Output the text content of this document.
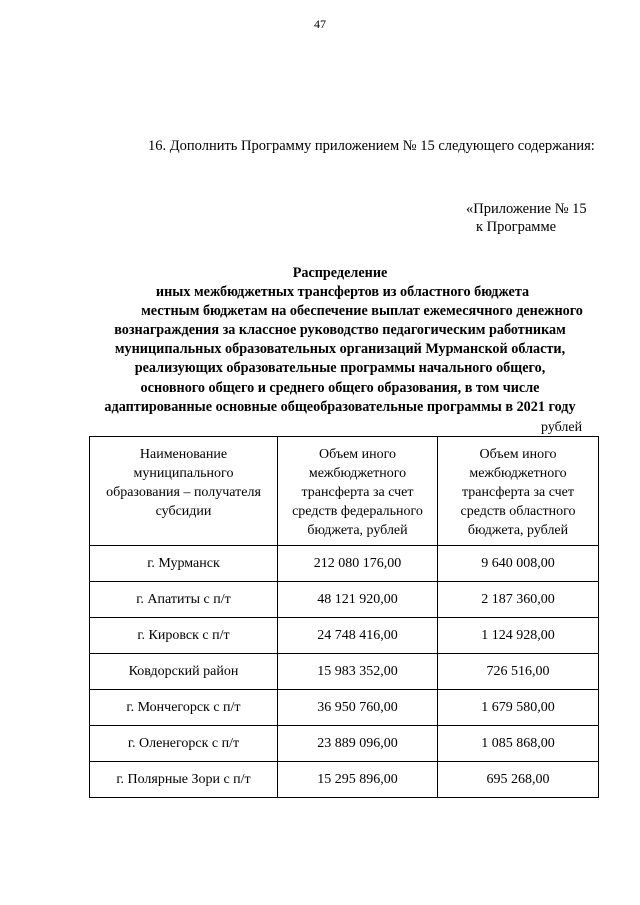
47
16. Дополнить Программу приложением № 15 следующего содержания:
«Приложение № 15
к Программе
Распределение
иных межбюджетных трансфертов из областного бюджета
местным бюджетам на обеспечение выплат ежемесячного денежного
вознаграждения за классное руководство педагогическим работникам
муниципальных образовательных организаций Мурманской области,
реализующих образовательные программы начального общего,
основного общего и среднего общего образования, в том числе
адаптированные основные общеобразовательные программы в 2021 году
рублей
Наименование
муниципального
образования – получателя
субсидии	Объем иного
межбюджетного
трансферта за счет
средств федерального
бюджета, рублей	Объем иного
межбюджетного
трансферта за счет
средств областного
бюджета, рублей

г. Мурманск	212 080 176,00	9 640 008,00
г. Апатиты с п/т	48 121 920,00	2 187 360,00
г. Кировск с п/т	24 748 416,00	1 124 928,00
Ковдорский район	15 983 352,00	726 516,00
г. Мончегорск с п/т	36 950 760,00	1 679 580,00
г. Оленегорск с п/т	23 889 096,00	1 085 868,00
г. Полярные Зори с п/т	15 295 896,00	695 268,00
